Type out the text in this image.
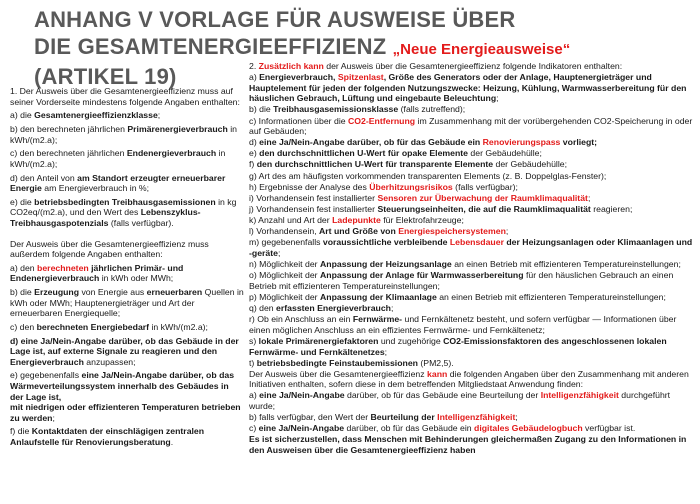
ANHANG V VORLAGE FÜR AUSWEISE ÜBER
DIE GESAMTENERGIEEFFIZIENZ „Neue Energieausweise“
(ARTIKEL 19)

1. Der Ausweis über die Gesamtenergieeffizienz muss auf seiner Vorderseite mindestens folgende Angaben enthalten:

a) die Gesamtenergieeffizienzklasse;

b) den berechneten jährlichen Primärenergieverbrauch in kWh/(m2.a);

c) den berechneten jährlichen Endenergieverbrauch in kWh/(m2.a);

d) den Anteil von am Standort erzeugter erneuerbarer Energie am Energieverbrauch in %;

e) die betriebsbedingten Treibhausgasemissionen in kg CO2eq/(m2.a), und den Wert des Lebenszyklus-Treibhausgaspotenzials (falls verfügbar).

Der Ausweis über die Gesamtenergieeffizienz muss außerdem folgende Angaben enthalten:

a) den berechneten jährlichen Primär- und Endenergieverbrauch in kWh oder MWh;

b) die Erzeugung von Energie aus erneuerbaren Quellen in kWh oder MWh; Hauptenergieträger und Art der erneuerbaren Energiequelle;

c) den berechneten Energiebedarf in kWh/(m2.a);

d) eine Ja/Nein-Angabe darüber, ob das Gebäude in der Lage ist, auf externe Signale zu reagieren und den Energieverbrauch anzupassen;

e) gegebenenfalls eine Ja/Nein-Angabe darüber, ob das Wärmeverteilungssystem innerhalb des Gebäudes in der Lage ist,
mit niedrigen oder effizienteren Temperaturen betrieben zu werden;

f) die Kontaktdaten der einschlägigen zentralen Anlaufstelle für Renovierungsberatung.

2. Zusätzlich kann der Ausweis über die Gesamtenergieeffizienz folgende Indikatoren enthalten:

a) Energieverbrauch, Spitzenlast, Größe des Generators oder der Anlage, Hauptenergieträger und Hauptelement für jeden der folgenden Nutzungszwecke: Heizung, Kühlung, Warmwasserbereitung für den häuslichen Gebrauch, Lüftung und eingebaute Beleuchtung;

b) die Treibhausgasemissionsklasse (falls zutreffend);

c) Informationen über die CO2-Entfernung im Zusammenhang mit der vorübergehenden CO2-Speicherung in oder auf Gebäuden;

d) eine Ja/Nein-Angabe darüber, ob für das Gebäude ein Renovierungspass vorliegt;

e) den durchschnittlichen U-Wert für opake Elemente der Gebäudehülle;

f) den durchschnittlichen U-Wert für transparente Elemente der Gebäudehülle;

g) Art des am häufigsten vorkommenden transparenten Elements (z. B. Doppelglas-Fenster);

h) Ergebnisse der Analyse des Überhitzungsrisikos (falls verfügbar);

i) Vorhandensein fest installierter Sensoren zur Überwachung der Raumklimaqualität;

j) Vorhandensein fest installierter Steuerungseinheiten, die auf die Raumklimaqualität reagieren;

k) Anzahl und Art der Ladepunkte für Elektrofahrzeuge;

l) Vorhandensein, Art und Größe von Energiespeichersystemen;

m) gegebenenfalls voraussichtliche verbleibende Lebensdauer der Heizungsanlagen oder Klimaanlagen und -geräte;

n) Möglichkeit der Anpassung der Heizungsanlage an einen Betrieb mit effizienteren Temperatureinstellungen;

o) Möglichkeit der Anpassung der Anlage für Warmwasserbereitung für den häuslichen Gebrauch an einen Betrieb mit effizienteren Temperatureinstellungen;

p) Möglichkeit der Anpassung der Klimaanlage an einen Betrieb mit effizienteren Temperatureinstellungen;

q) den erfassten Energieverbrauch;

r) Ob ein Anschluss an ein Fernwärme- und Fernkältenetz besteht, und sofern verfügbar — Informationen über einen möglichen Anschluss an ein effizientes Fernwärme- und Fernkältenetz;

s) lokale Primärenergiefaktoren und zugehörige CO2-Emissionsfaktoren des angeschlossenen lokalen Fernwärme- und Fernkältenetzes;

t) betriebsbedingte Feinstaubemissionen (PM2,5).

Der Ausweis über die Gesamtenergieeffizienz kann die folgenden Angaben über den Zusammenhang mit anderen Initiativen enthalten, sofern diese in dem betreffenden Mitgliedstaat Anwendung finden:

a) eine Ja/Nein-Angabe darüber, ob für das Gebäude eine Beurteilung der Intelligenzfähigkeit durchgeführt wurde;

b) falls verfügbar, den Wert der Beurteilung der Intelligenzfähigkeit;

c) eine Ja/Nein-Angabe darüber, ob für das Gebäude ein digitales Gebäudelogbuch verfügbar ist.

Es ist sicherzustellen, dass Menschen mit Behinderungen gleichermaßen Zugang zu den Informationen in den Ausweisen über die Gesamtenergieeffizienz haben
